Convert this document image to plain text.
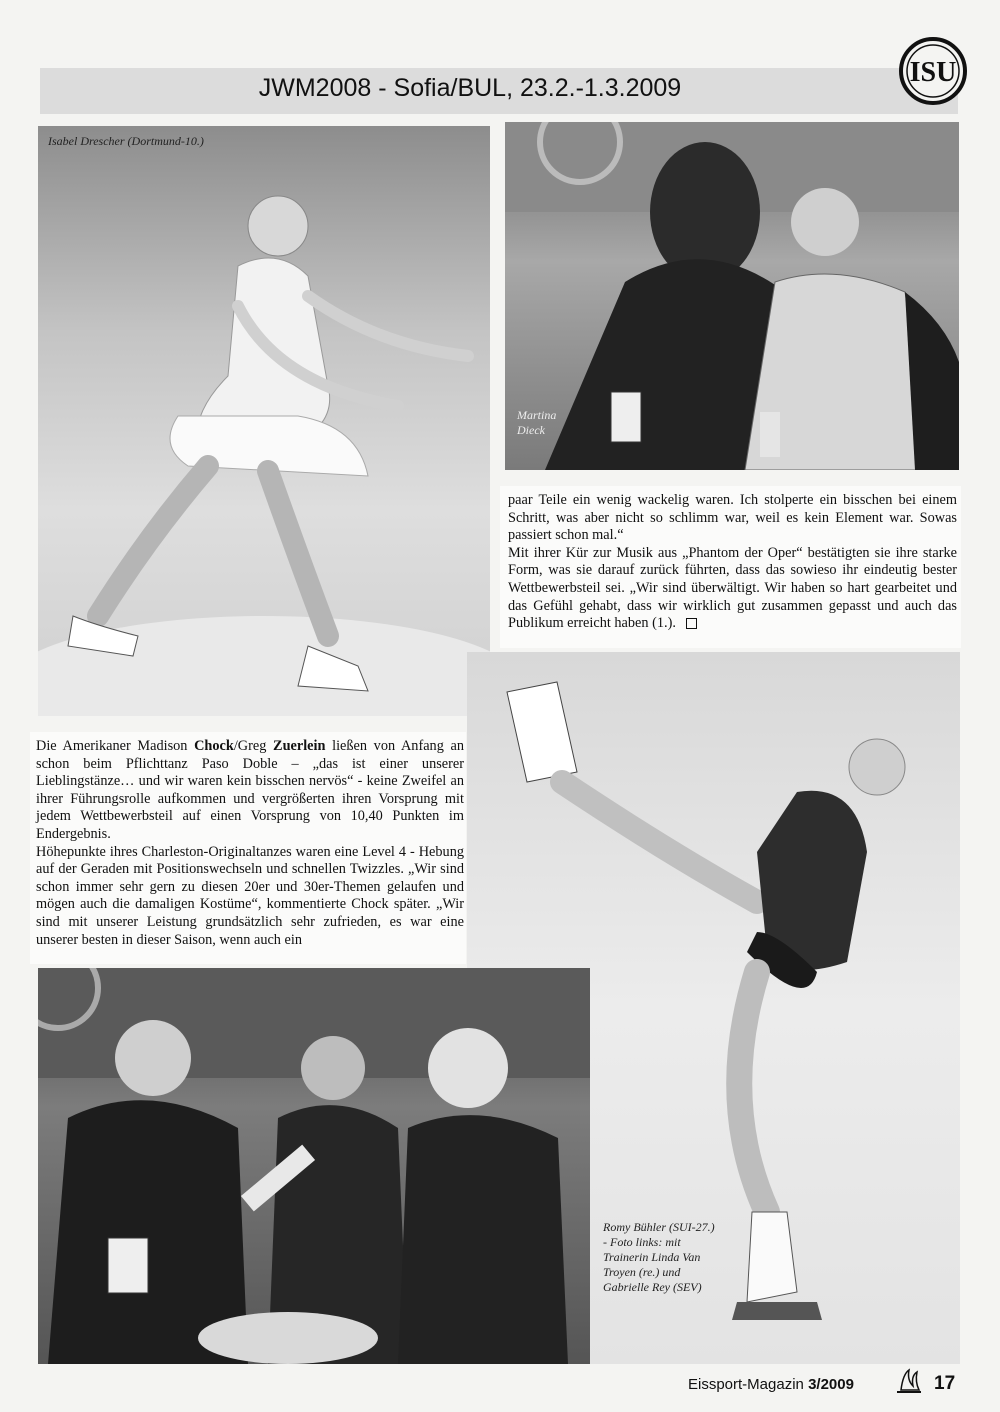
JWM2008 - Sofia/BUL, 23.2.-1.3.2009	ISU
Isabel Drescher (Dortmund-10.)
Martina
Dieck

paar Teile ein wenig wackelig waren. Ich stolperte ein bisschen bei einem Schritt, was aber nicht so schlimm war, weil es kein Element war. Sowas passiert schon mal.“

Mit ihrer Kür zur Musik aus „Phantom der Oper“ bestätigten sie ihre starke Form, was sie darauf zurück führten, dass das sowieso ihr eindeutig bester Wettbewerbsteil sei. „Wir sind überwältigt. Wir haben so hart gearbeitet und das Gefühl gehabt, dass wir wirklich gut zusammen gepasst und auch das Publikum erreicht haben (1.).

Romy Bühler (SUI-27.)
- Foto links: mit
Trainerin Linda Van
Troyen (re.) und
Gabrielle Rey (SEV)

Die Amerikaner Madison Chock/Greg Zuerlein ließen von Anfang an schon beim Pflichttanz Paso Doble – „das ist einer unserer Lieblingstänze… und wir waren kein bisschen nervös“ - keine Zweifel an ihrer Führungsrolle aufkommen und vergrößerten ihren Vorsprung mit jedem Wettbewerbsteil auf einen Vorsprung von 10,40 Punkten im Endergebnis.

Höhepunkte ihres Charleston-Originaltanzes waren eine Level 4 - Hebung auf der Geraden mit Positionswechseln und schnellen Twizzles. „Wir sind schon immer sehr gern zu diesen 20er und 30er-Themen gelaufen und mögen auch die damaligen Kostüme“, kommentierte Chock später. „Wir sind mit unserer Leistung grundsätzlich sehr zufrieden, es war eine unserer besten in dieser Saison, wenn auch ein

Eissport-Magazin 3/2009	17
